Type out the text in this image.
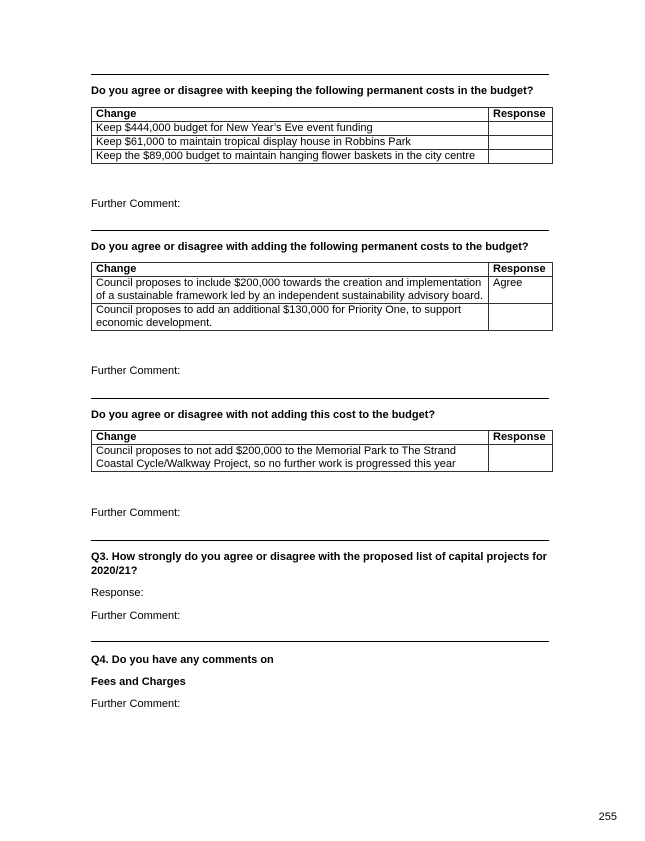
Do you agree or disagree with keeping the following permanent costs in the budget?
Change	Response
Keep $444,000 budget for New Year’s Eve event funding	
Keep $61,000 to maintain tropical display house in Robbins Park	
Keep the $89,000 budget to maintain hanging flower baskets in the city centre	
Further Comment:
Do you agree or disagree with adding the following permanent costs to the budget?
Change	Response
Council proposes to include $200,000 towards the creation and implementation of a sustainable framework led by an independent sustainability advisory board.	Agree
Council proposes to add an additional $130,000 for Priority One, to support economic development.	
Further Comment:
Do you agree or disagree with not adding this cost to the budget?
Change	Response
Council proposes to not add $200,000 to the Memorial Park to The Strand Coastal Cycle/Walkway Project, so no further work is progressed this year	
Further Comment:
Q3. How strongly do you agree or disagree with the proposed list of capital projects for 2020/21?
Response:
Further Comment:
Q4. Do you have any comments on
Fees and Charges
Further Comment:
255
